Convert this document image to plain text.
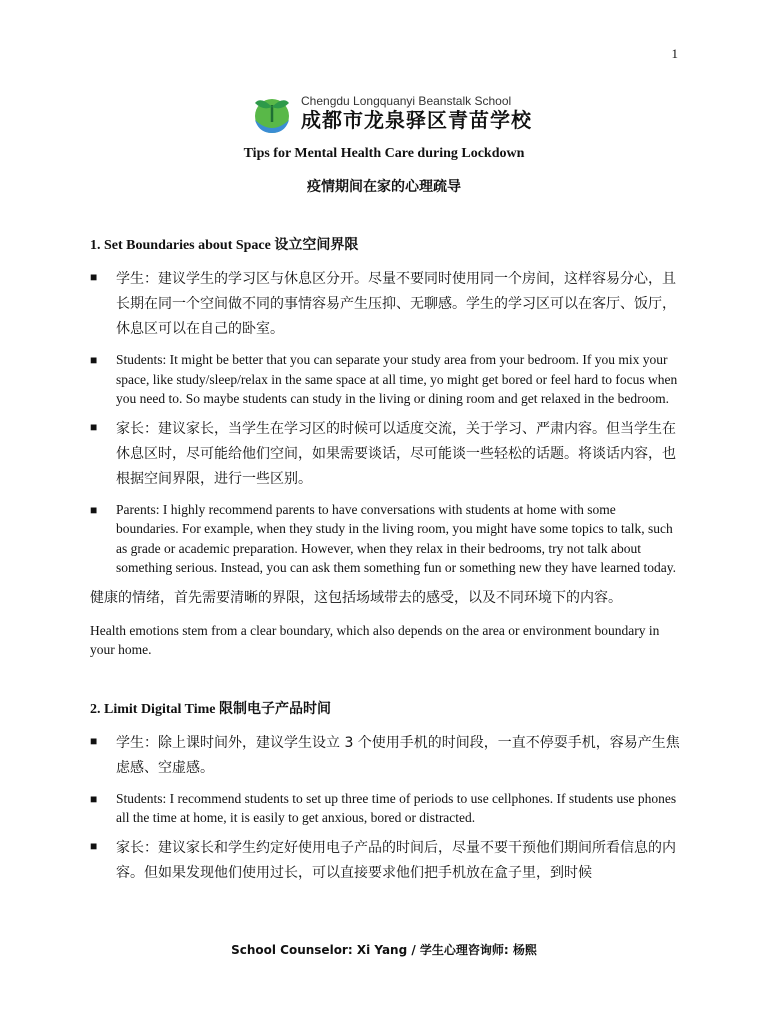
1
Chengdu Longquanyi Beanstalk School
成都市龙泉驿区青苗学校
Tips for Mental Health Care during Lockdown
疫情期间在家的心理疏导
1. Set Boundaries about Space 设立空间界限
■	学生：建议学生的学习区与休息区分开。尽量不要同时使用同一个房间，这样容易分心，且长期在同一个空间做不同的事情容易产生压抑、无聊感。学生的学习区可以在客厅、饭厅，休息区可以在自己的卧室。
■	Students: It might be better that you can separate your study area from your bedroom. If you mix your space, like study/sleep/relax in the same space at all time, yo might get bored or feel hard to focus when you need to. So maybe students can study in the living or dining room and get relaxed in the bedroom.
■	家长：建议家长，当学生在学习区的时候可以适度交流，关于学习、严肃内容。但当学生在休息区时，尽可能给他们空间，如果需要谈话，尽可能谈一些轻松的话题。将谈话内容，也根据空间界限，进行一些区别。
■	Parents: I highly recommend parents to have conversations with students at home with some boundaries. For example, when they study in the living room, you might have some topics to talk, such as grade or academic preparation. However, when they relax in their bedrooms, try not talk about something serious. Instead, you can ask them something fun or something new they have learned today.
健康的情绪，首先需要清晰的界限，这包括场域带去的感受，以及不同环境下的内容。
Health emotions stem from a clear boundary, which also depends on the area or environment boundary in your home.
2. Limit Digital Time 限制电子产品时间
■	学生：除上课时间外，建议学生设立 3 个使用手机的时间段，一直不停耍手机，容易产生焦虑感、空虚感。
■	Students: I recommend students to set up three time of periods to use cellphones. If students use phones all the time at home, it is easily to get anxious, bored or distracted.
■	家长：建议家长和学生约定好使用电子产品的时间后，尽量不要干预他们期间所看信息的内容。但如果发现他们使用过长，可以直接要求他们把手机放在盒子里，到时候
School Counselor: Xi Yang / 学生心理咨询师: 杨熙
